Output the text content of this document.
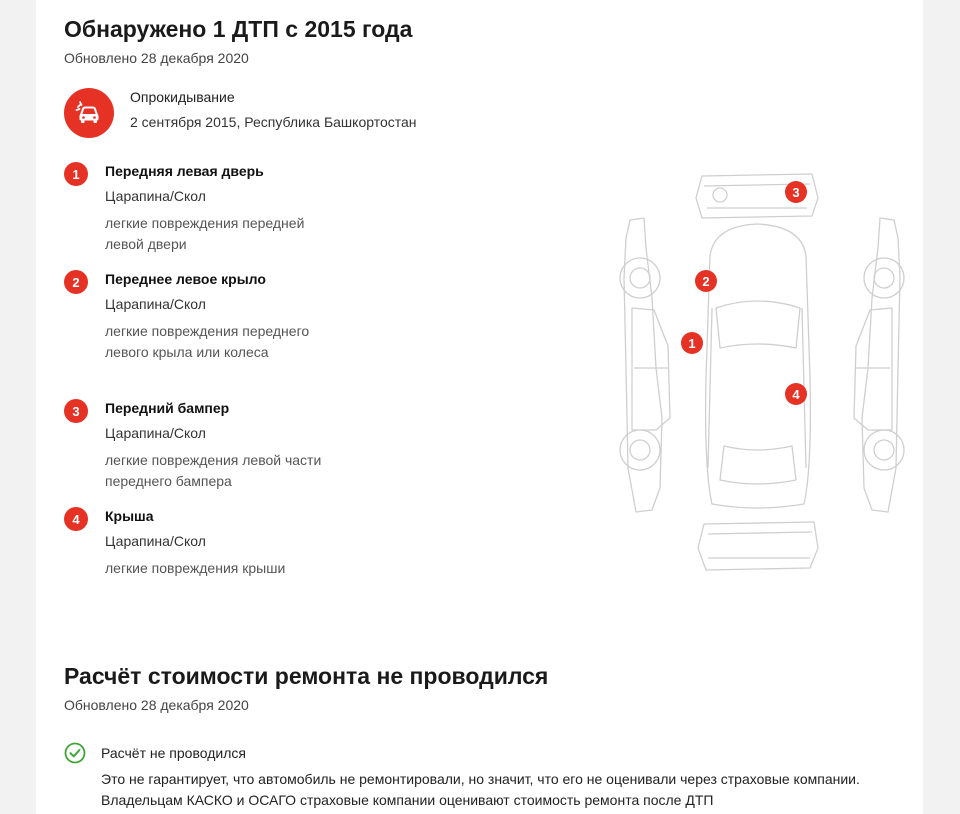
Обнаружено 1 ДТП с 2015 года
Обновлено 28 декабря 2020
Опрокидывание
2 сентября 2015, Республика Башкортостан
1	Передняя левая дверь
Царапина/Скол
легкие повреждения передней левой двери
2	Переднее левое крыло
Царапина/Скол
легкие повреждения переднего левого крыла или колеса
3	Передний бампер
Царапина/Скол
легкие повреждения левой части переднего бампера
4	Крыша
Царапина/Скол
легкие повреждения крыши
1
2
3
4
Расчёт стоимости ремонта не проводился
Обновлено 28 декабря 2020
Расчёт не проводился
Это не гарантирует, что автомобиль не ремонтировали, но значит, что его не оценивали через страховые компании. Владельцам КАСКО и ОСАГО страховые компании оценивают стоимость ремонта после ДТП
